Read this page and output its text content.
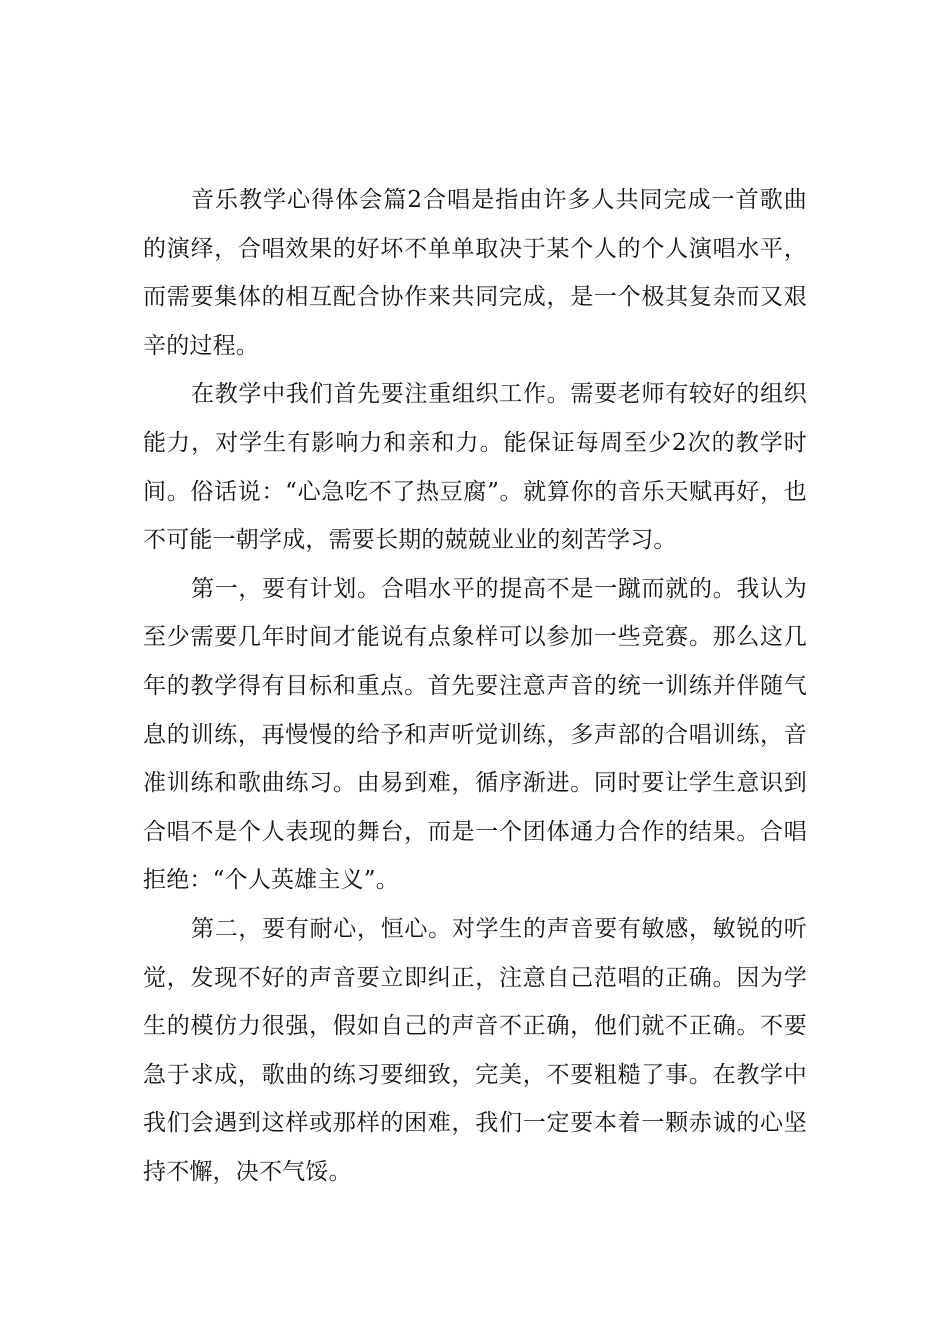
音乐教学心得体会篇2合唱是指由许多人共同完成一首歌曲的演绎，合唱效果的好坏不单单取决于某个人的个人演唱水平，而需要集体的相互配合协作来共同完成，是一个极其复杂而又艰辛的过程。

在教学中我们首先要注重组织工作。需要老师有较好的组织能力，对学生有影响力和亲和力。能保证每周至少2次的教学时间。俗话说：“心急吃不了热豆腐”。就算你的音乐天赋再好，也不可能一朝学成，需要长期的兢兢业业的刻苦学习。

第一，要有计划。合唱水平的提高不是一蹴而就的。我认为至少需要几年时间才能说有点象样可以参加一些竞赛。那么这几年的教学得有目标和重点。首先要注意声音的统一训练并伴随气息的训练，再慢慢的给予和声听觉训练，多声部的合唱训练，音准训练和歌曲练习。由易到难，循序渐进。同时要让学生意识到合唱不是个人表现的舞台，而是一个团体通力合作的结果。合唱拒绝：“个人英雄主义”。

第二，要有耐心，恒心。对学生的声音要有敏感，敏锐的听觉，发现不好的声音要立即纠正，注意自己范唱的正确。因为学生的模仿力很强，假如自己的声音不正确，他们就不正确。不要急于求成，歌曲的练习要细致，完美，不要粗糙了事。在教学中我们会遇到这样或那样的困难，我们一定要本着一颗赤诚的心坚持不懈，决不气馁。
